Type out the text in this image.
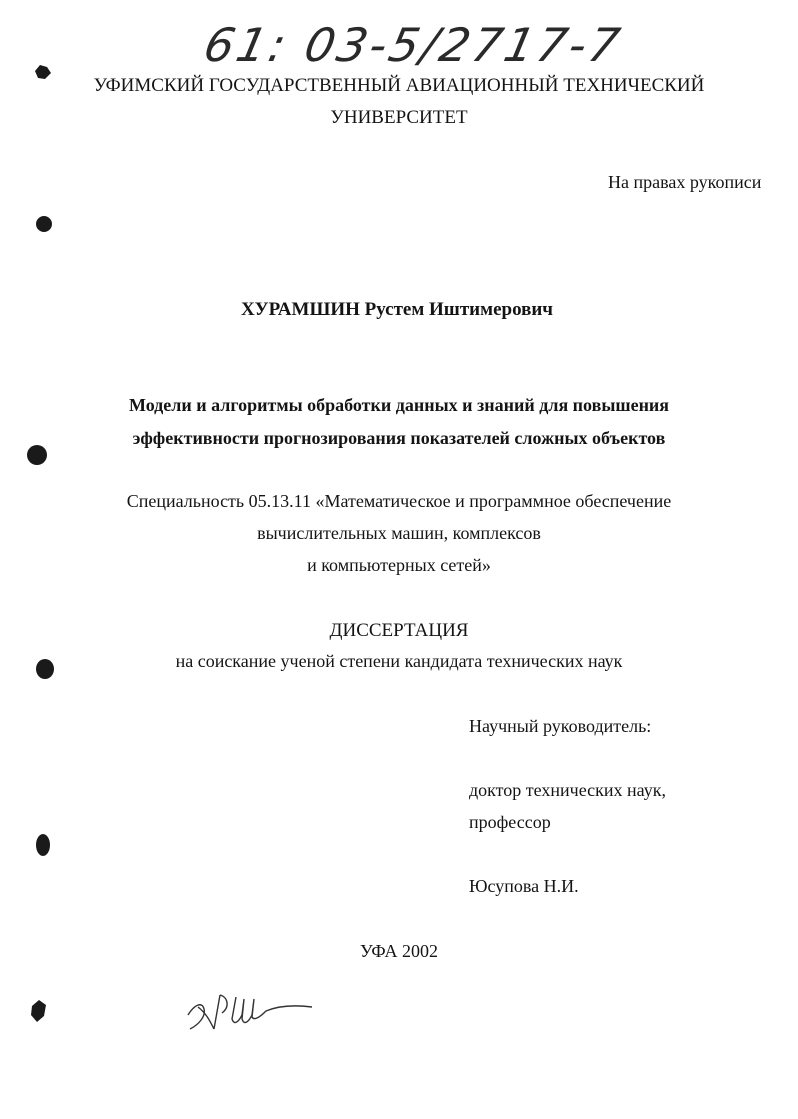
61: 03-5/2717-7
УФИМСКИЙ ГОСУДАРСТВЕННЫЙ АВИАЦИОННЫЙ ТЕХНИЧЕСКИЙ
УНИВЕРСИТЕТ
На правах рукописи
ХУРАМШИН Рустем Иштимерович
Модели и алгоритмы обработки данных и знаний для повышения
эффективности прогнозирования показателей сложных объектов
Специальность 05.13.11 «Математическое и программное обеспечение
вычислительных машин, комплексов
и компьютерных сетей»
ДИССЕРТАЦИЯ
на соискание ученой степени кандидата технических наук
Научный руководитель:
доктор технических наук,
профессор
Юсупова Н.И.
УФА 2002
